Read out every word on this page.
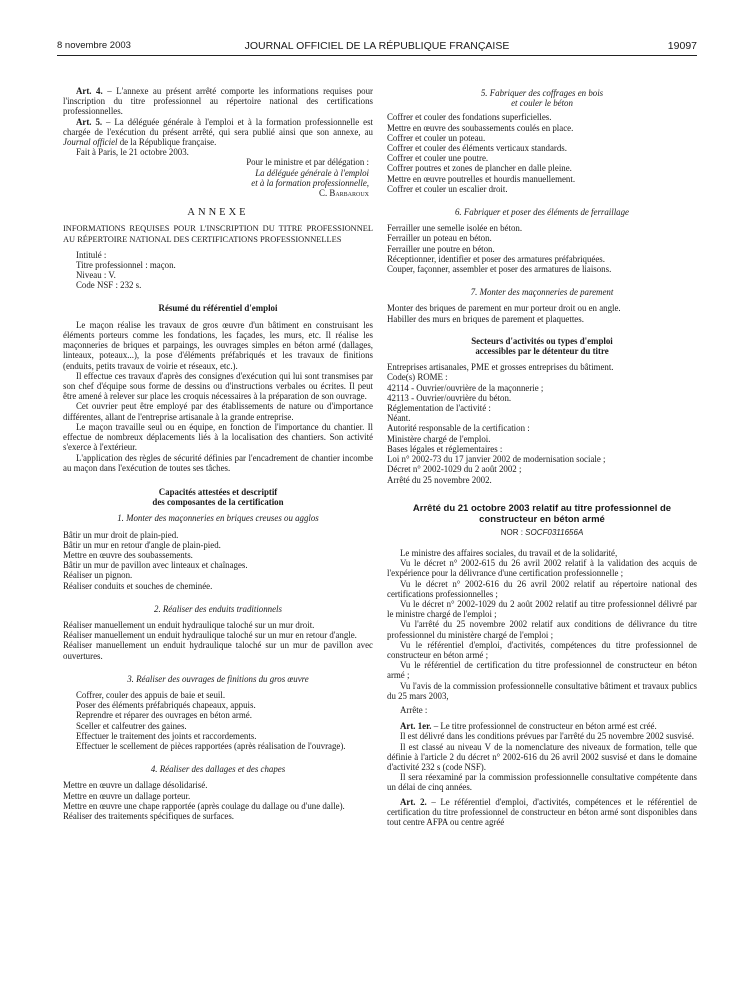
8 novembre 2003	JOURNAL OFFICIEL DE LA RÉPUBLIQUE FRANÇAISE	19097

Art. 4. – L'annexe au présent arrêté comporte les informations requises pour l'inscription du titre professionnel au répertoire national des certifications professionnelles.

Art. 5. – La déléguée générale à l'emploi et à la formation professionnelle est chargée de l'exécution du présent arrêté, qui sera publié ainsi que son annexe, au Journal officiel de la République française.

Fait à Paris, le 21 octobre 2003.

Pour le ministre et par délégation :

La déléguée générale à l'emploi

et à la formation professionnelle,

C. Barbaroux

ANNEXE

INFORMATIONS REQUISES POUR L'INSCRIPTION DU TITRE PROFESSIONNEL AU RÉPERTOIRE NATIONAL DES CERTIFICATIONS PROFESSIONNELLES

Intitulé :

Titre professionnel : maçon.

Niveau : V.

Code NSF : 232 s.

Résumé du référentiel d'emploi

Le maçon réalise les travaux de gros œuvre d'un bâtiment en construisant les éléments porteurs comme les fondations, les façades, les murs, etc. Il réalise les maçonneries de briques et parpaings, les ouvrages simples en béton armé (dallages, linteaux, poteaux...), la pose d'éléments préfabriqués et les travaux de finitions (enduits, petits travaux de voirie et réseaux, etc.).

Il effectue ces travaux d'après des consignes d'exécution qui lui sont transmises par son chef d'équipe sous forme de dessins ou d'instructions verbales ou écrites. Il peut être amené à relever sur place les croquis nécessaires à la préparation de son ouvrage.

Cet ouvrier peut être employé par des établissements de nature ou d'importance différentes, allant de l'entreprise artisanale à la grande entreprise.

Le maçon travaille seul ou en équipe, en fonction de l'importance du chantier. Il effectue de nombreux déplacements liés à la localisation des chantiers. Son activité s'exerce à l'extérieur.

L'application des règles de sécurité définies par l'encadrement de chantier incombe au maçon dans l'exécution de toutes ses tâches.

Capacités attestées et descriptif
des composantes de la certification
1. Monter des maçonneries en briques creuses ou agglos

Bâtir un mur droit de plain-pied.

Bâtir un mur en retour d'angle de plain-pied.

Mettre en œuvre des soubassements.

Bâtir un mur de pavillon avec linteaux et chaînages.

Réaliser un pignon.

Réaliser conduits et souches de cheminée.

2. Réaliser des enduits traditionnels

Réaliser manuellement un enduit hydraulique taloché sur un mur droit.

Réaliser manuellement un enduit hydraulique taloché sur un mur en retour d'angle.

Réaliser manuellement un enduit hydraulique taloché sur un mur de pavillon avec ouvertures.

3. Réaliser des ouvrages de finitions du gros œuvre

Coffrer, couler des appuis de baie et seuil.

Poser des éléments préfabriqués chapeaux, appuis.

Reprendre et réparer des ouvrages en béton armé.

Sceller et calfeutrer des gaines.

Effectuer le traitement des joints et raccordements.

Effectuer le scellement de pièces rapportées (après réalisation de l'ouvrage).

4. Réaliser des dallages et des chapes

Mettre en œuvre un dallage désolidarisé.

Mettre en œuvre un dallage porteur.

Mettre en œuvre une chape rapportée (après coulage du dallage ou d'une dalle).

Réaliser des traitements spécifiques de surfaces.

5. Fabriquer des coffrages en bois
et couler le béton

Coffrer et couler des fondations superficielles.

Mettre en œuvre des soubassements coulés en place.

Coffrer et couler un poteau.

Coffrer et couler des éléments verticaux standards.

Coffrer et couler une poutre.

Coffrer poutres et zones de plancher en dalle pleine.

Mettre en œuvre poutrelles et hourdis manuellement.

Coffrer et couler un escalier droit.

6. Fabriquer et poser des éléments de ferraillage

Ferrailler une semelle isolée en béton.

Ferrailler un poteau en béton.

Ferrailler une poutre en béton.

Réceptionner, identifier et poser des armatures préfabriquées.

Couper, façonner, assembler et poser des armatures de liaisons.

7. Monter des maçonneries de parement

Monter des briques de parement en mur porteur droit ou en angle.

Habiller des murs en briques de parement et plaquettes.

Secteurs d'activités ou types d'emploi
accessibles par le détenteur du titre

Entreprises artisanales, PME et grosses entreprises du bâtiment.

Code(s) ROME :

42114 - Ouvrier/ouvrière de la maçonnerie ;

42113 - Ouvrier/ouvrière du béton.

Réglementation de l'activité :

Néant.

Autorité responsable de la certification :

Ministère chargé de l'emploi.

Bases légales et réglementaires :

Loi n° 2002-73 du 17 janvier 2002 de modernisation sociale ;

Décret n° 2002-1029 du 2 août 2002 ;

Arrêté du 25 novembre 2002.

Arrêté du 21 octobre 2003 relatif au titre professionnel de constructeur en béton armé
NOR : SOCF0311656A

Le ministre des affaires sociales, du travail et de la solidarité,

Vu le décret n° 2002-615 du 26 avril 2002 relatif à la validation des acquis de l'expérience pour la délivrance d'une certification professionnelle ;

Vu le décret n° 2002-616 du 26 avril 2002 relatif au répertoire national des certifications professionnelles ;

Vu le décret n° 2002-1029 du 2 août 2002 relatif au titre professionnel délivré par le ministre chargé de l'emploi ;

Vu l'arrêté du 25 novembre 2002 relatif aux conditions de délivrance du titre professionnel du ministère chargé de l'emploi ;

Vu le référentiel d'emploi, d'activités, compétences du titre professionnel de constructeur en béton armé ;

Vu le référentiel de certification du titre professionnel de constructeur en béton armé ;

Vu l'avis de la commission professionnelle consultative bâtiment et travaux publics du 25 mars 2003,

Arrête :

Art. 1er. – Le titre professionnel de constructeur en béton armé est créé.

Il est délivré dans les conditions prévues par l'arrêté du 25 novembre 2002 susvisé.

Il est classé au niveau V de la nomenclature des niveaux de formation, telle que définie à l'article 2 du décret n° 2002-616 du 26 avril 2002 susvisé et dans le domaine d'activité 232 s (code NSF).

Il sera réexaminé par la commission professionnelle consultative compétente dans un délai de cinq années.

Art. 2. – Le référentiel d'emploi, d'activités, compétences et le référentiel de certification du titre professionnel de constructeur en béton armé sont disponibles dans tout centre AFPA ou centre agréé
